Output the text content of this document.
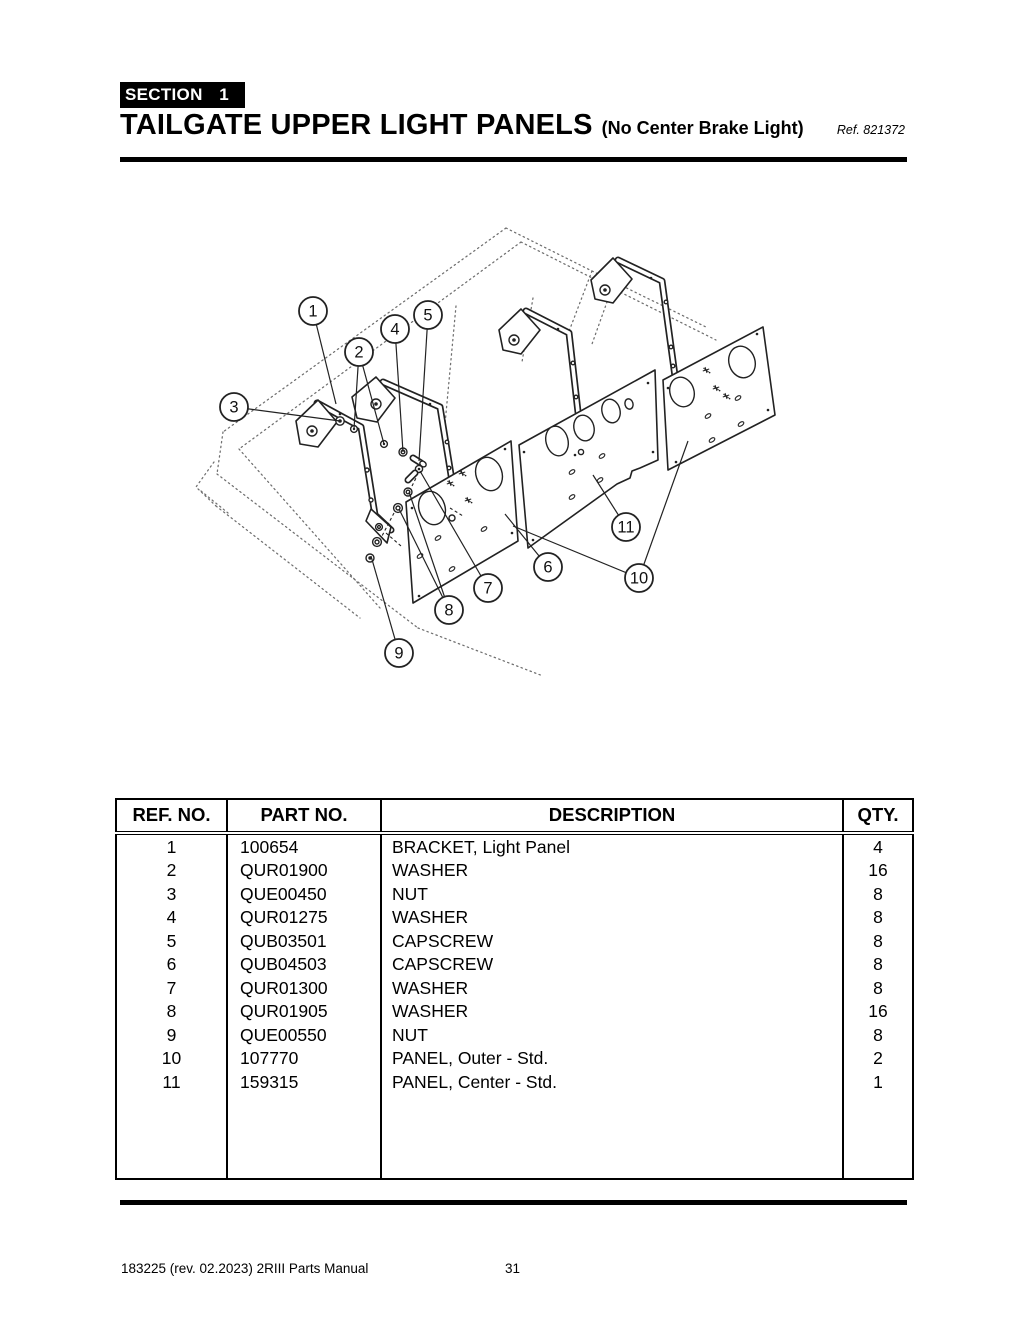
SECTION 1
TAILGATE UPPER LIGHT PANELS (No Center Brake Light)	Ref. 821372
1
2
3
4
5
6
7
8
9
10
11
REF. NO.	PART NO.	DESCRIPTION	QTY.
1	100654	BRACKET, Light Panel	4
2	QUR01900	WASHER	16
3	QUE00450	NUT	8
4	QUR01275	WASHER	8
5	QUB03501	CAPSCREW	8
6	QUB04503	CAPSCREW	8
7	QUR01300	WASHER	8
8	QUR01905	WASHER	16
9	QUE00550	NUT	8
10	107770	PANEL, Outer - Std.	2
11	159315	PANEL, Center - Std.	1

183225 (rev. 02.2023) 2RIII Parts Manual	31
